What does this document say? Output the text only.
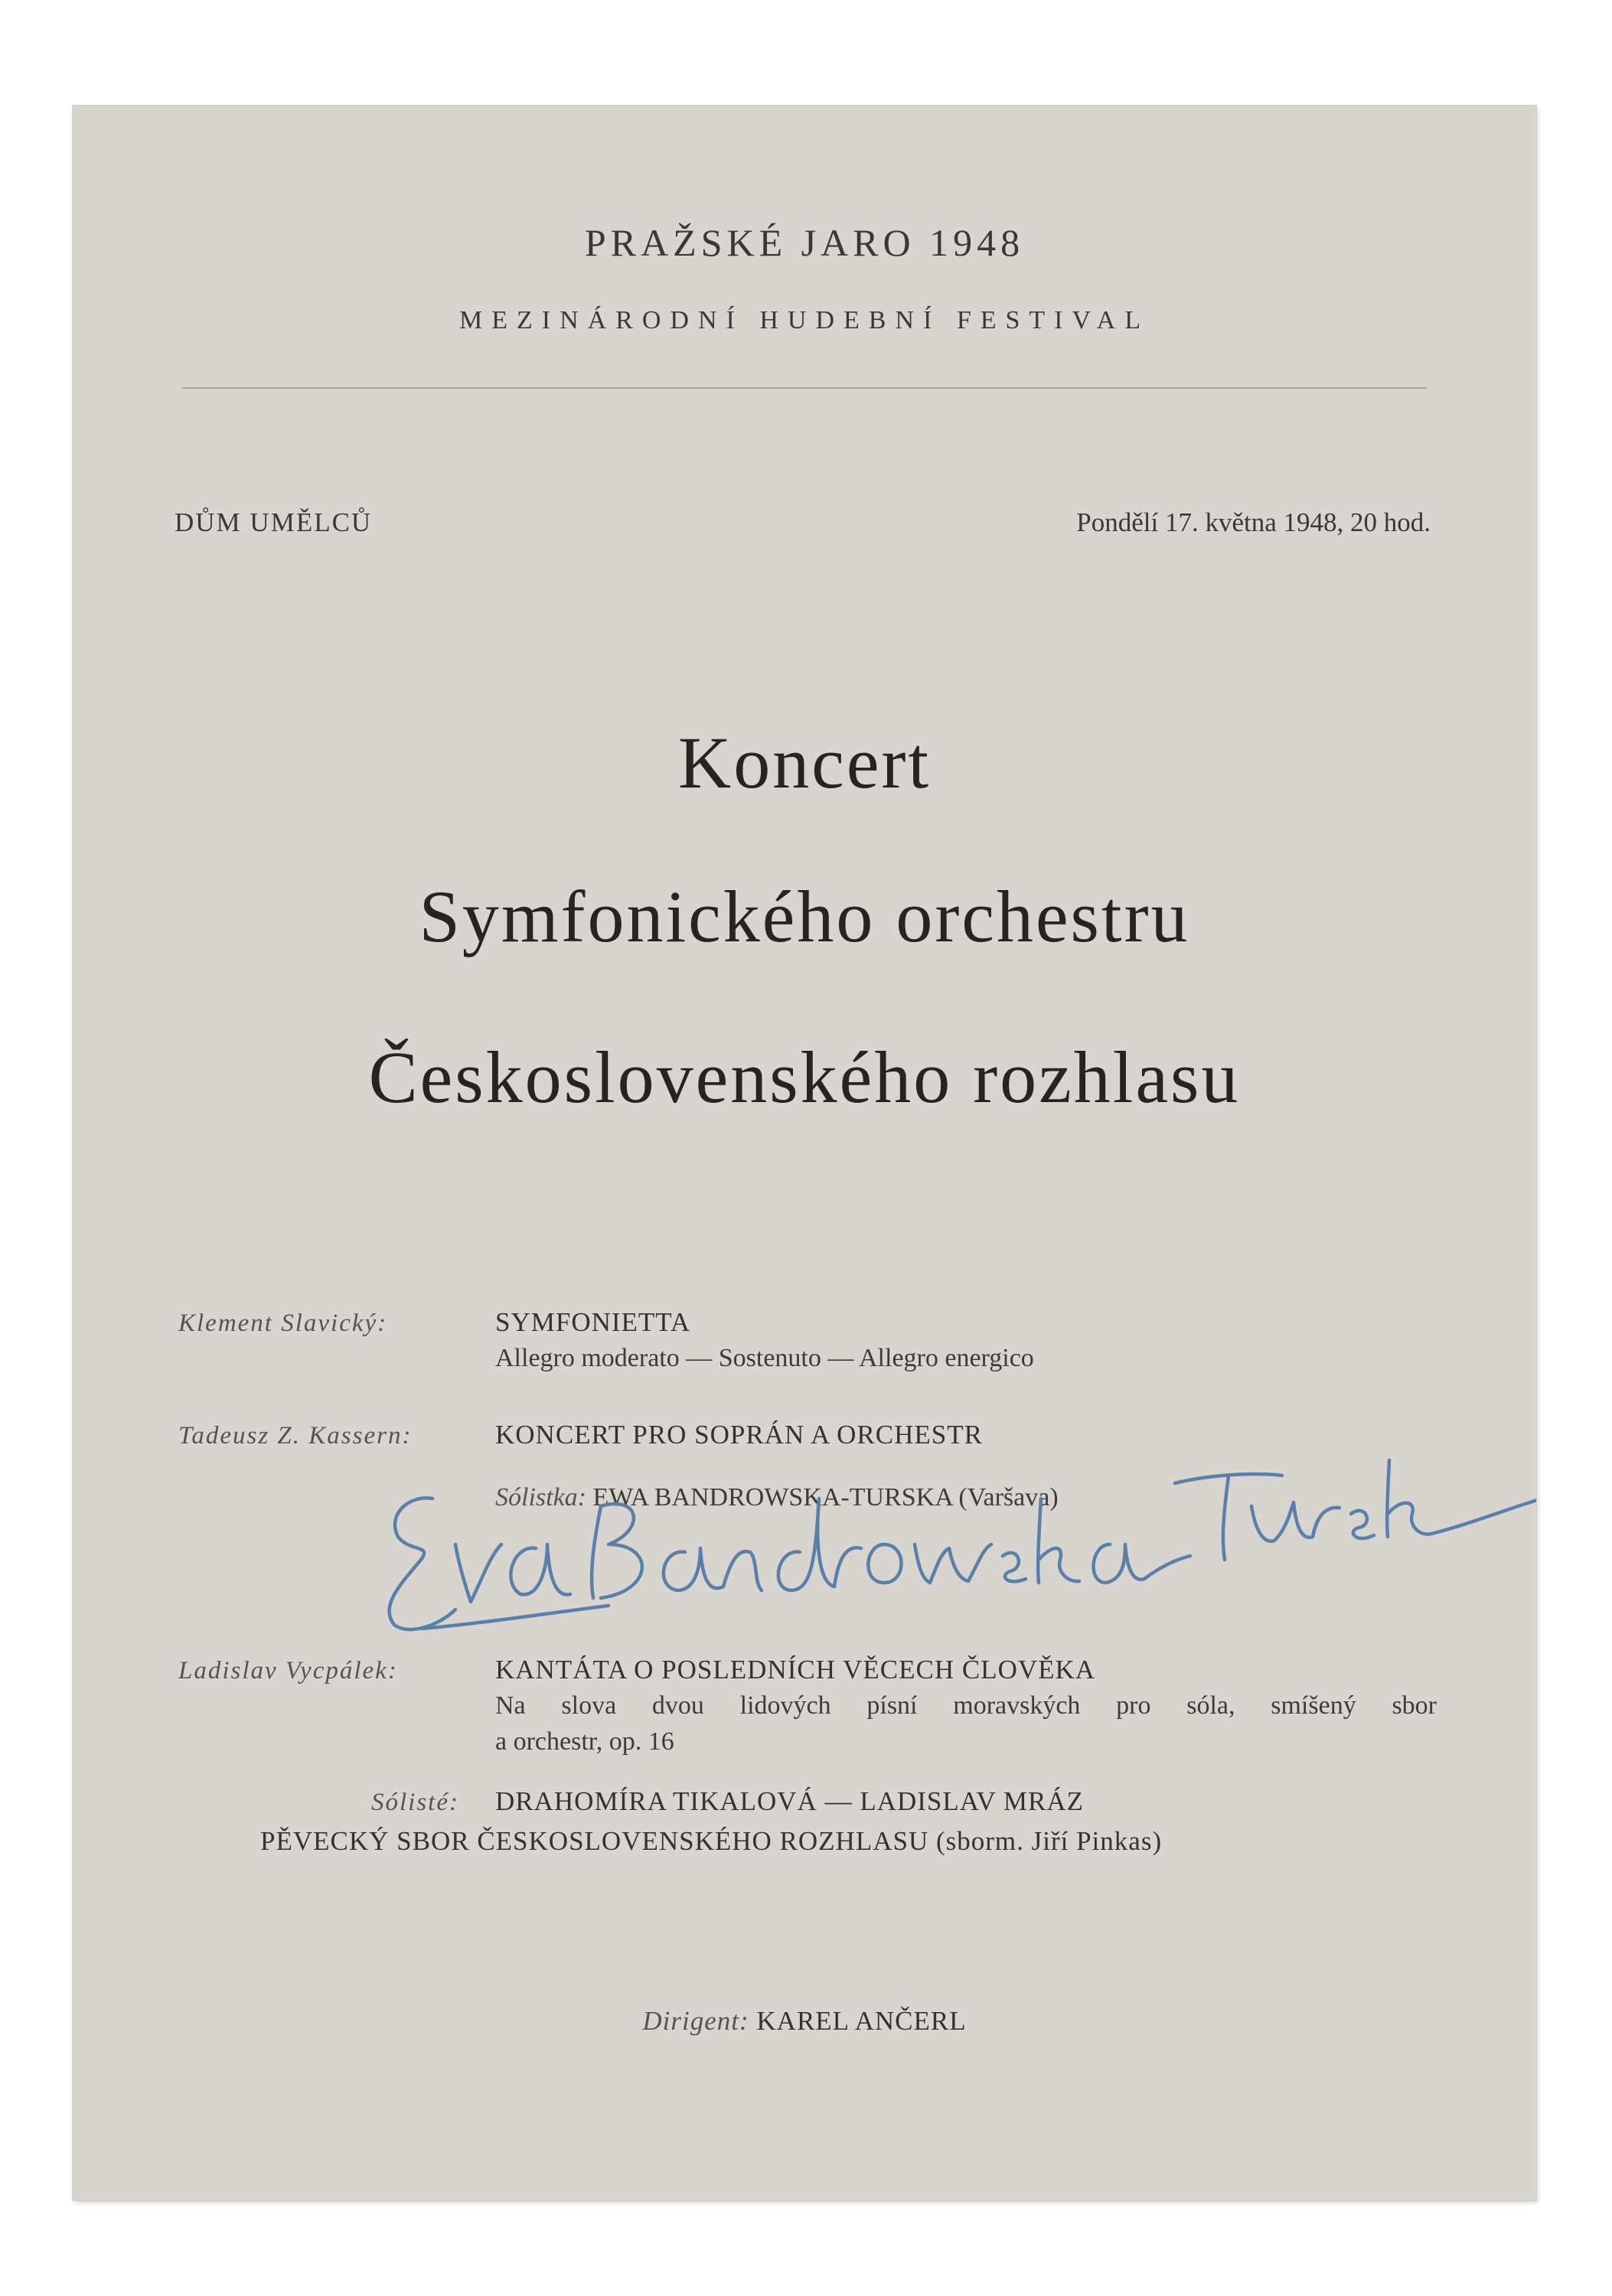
PRAŽSKÉ JARO 1948
MEZINÁRODNÍ HUDEBNÍ FESTIVAL
DŮM UMĚLCŮ	Pondělí 17. května 1948, 20 hod.
Koncert
Symfonického orchestru
Československého rozhlasu
Klement Slavický:	SYMFONIETTA
Allegro moderato — Sostenuto — Allegro energico
Tadeusz Z. Kassern:	KONCERT PRO SOPRÁN A ORCHESTR
Sólistka: EWA BANDROWSKA-TURSKA (Varšava)
Ladislav Vycpálek:	KANTÁTA O POSLEDNÍCH VĚCECH ČLOVĚKA
Na slova dvou lidových písní moravských pro sóla, smíšený sbor
a orchestr, op. 16
Sólisté: DRAHOMÍRA TIKALOVÁ — LADISLAV MRÁZ
PĚVECKÝ SBOR ČESKOSLOVENSKÉHO ROZHLASU (sborm. Jiří Pinkas)
Dirigent: KAREL ANČERL
